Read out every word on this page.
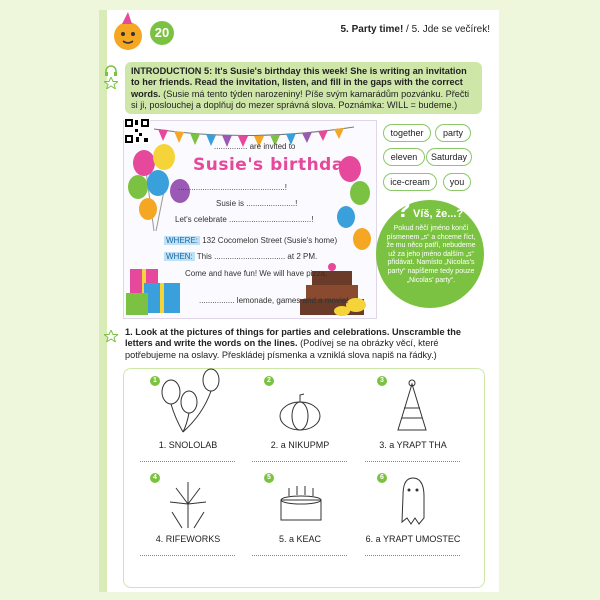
20	5. Party time! / 5. Jde se večírek!
INTRODUCTION 5: It's Susie's birthday this week! She is writing an invitation to her friends. Read the invitation, listen, and fill in the gaps with the correct words. (Susie má tento týden narozeniny! Píše svým kamarádům pozvánku. Přečti si ji, poslouchej a doplňuj do mezer správná slova. Poznámka: WILL = budeme.)
............... are invited to
Susie's birthday
................................................!
Susie is ......................!
Let's celebrate .....................................!
WHERE: 132 Cocomelon Street (Susie's home)
WHEN: This ................................ at 2 PM.
Come and have fun! We will have pizza,
................ lemonade, games and a movie!
together	party
eleven	Saturday
ice-cream	you
? Víš, že...?
Pokud něčí jméno končí písmenem „s“ a chceme říct, že mu něco patří, nebudeme už za jeho jméno dalším „s“ přidávat. Namísto „Nicolas's party“ napíšeme tedy pouze „Nicolas' party“.
1. Look at the pictures of things for parties and celebrations. Unscramble the letters and write the words on the lines. (Podívej se na obrázky věcí, které potřebujeme na oslavy. Přeskládej písmenka a vzniklá slova napiš na řádky.)
1
1. SNOLOLAB
2
2. a NIKUPMP
3
3. a YRAPT THA
4
4. RIFEWORKS
5
5. a KEAC
6
6. a YRAPT UMOSTEC
